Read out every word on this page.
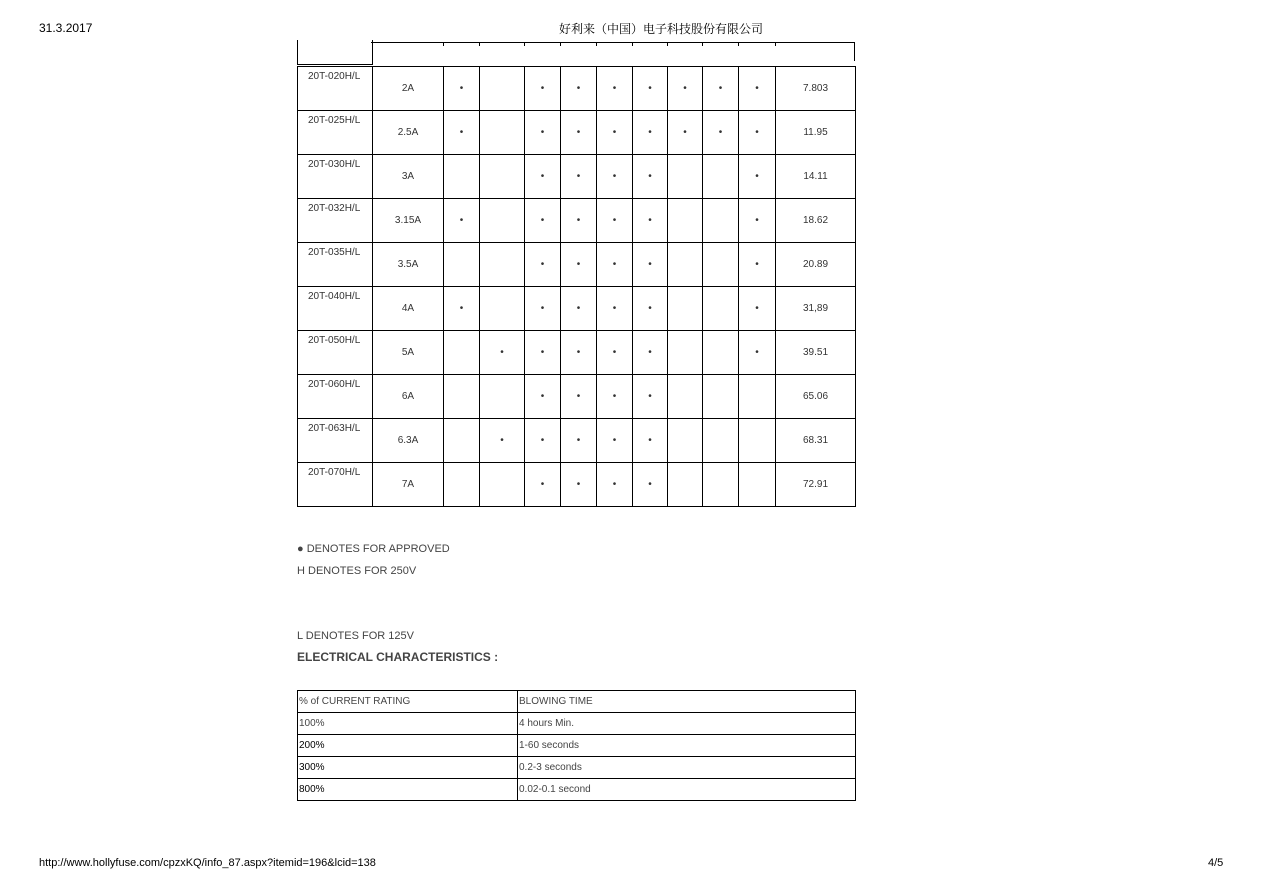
31.3.2017	好利来（中国）电子科技股份有限公司
20T-020H/L	2A	•		•	•	•	•	•	•	•	7.803
20T-025H/L	2.5A	•		•	•	•	•	•	•	•	11.95
20T-030H/L	3A			•	•	•	•			•	14.11
20T-032H/L	3.15A	•		•	•	•	•			•	18.62
20T-035H/L	3.5A			•	•	•	•			•	20.89
20T-040H/L	4A	•		•	•	•	•			•	31,89
20T-050H/L	5A		•	•	•	•	•			•	39.51
20T-060H/L	6A			•	•	•	•				65.06
20T-063H/L	6.3A		•	•	•	•	•				68.31
20T-070H/L	7A			•	•	•	•				72.91
● DENOTES FOR APPROVED
H DENOTES FOR 250V
L DENOTES FOR 125V
ELECTRICAL CHARACTERISTICS :
% of CURRENT RATING	BLOWING TIME
100%	4 hours Min.
200%	1-60 seconds
300%	0.2-3 seconds
800%	0.02-0.1 second
http://www.hollyfuse.com/cpzxKQ/info_87.aspx?itemid=196&lcid=138	4/5
